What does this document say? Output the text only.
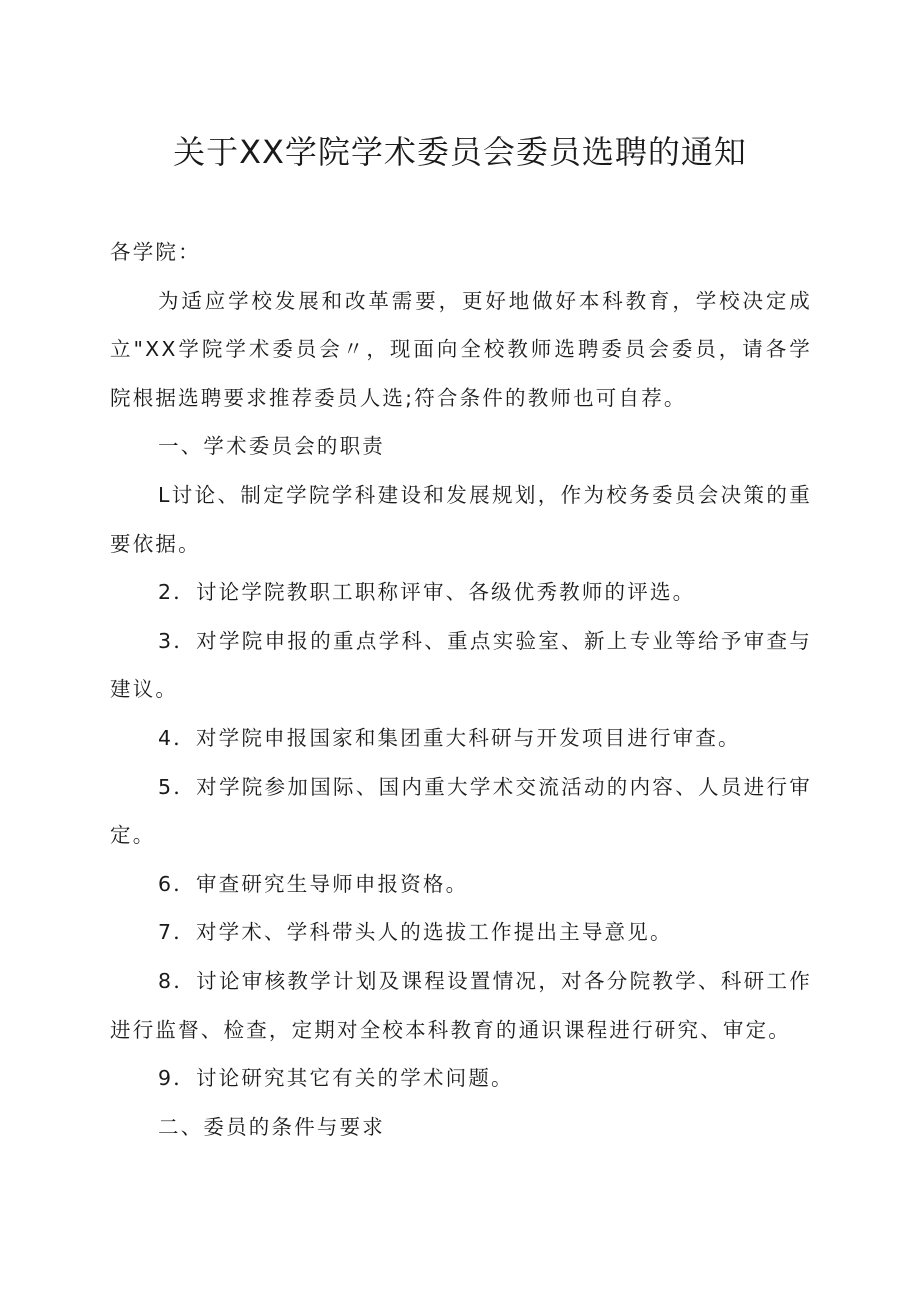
关于XX学院学术委员会委员选聘的通知

各学院：

为适应学校发展和改革需要，更好地做好本科教育，学校决定成立"XX学院学术委员会〃，现面向全校教师选聘委员会委员，请各学院根据选聘要求推荐委员人选;符合条件的教师也可自荐。

一、学术委员会的职责

L讨论、制定学院学科建设和发展规划，作为校务委员会决策的重要依据。

2．讨论学院教职工职称评审、各级优秀教师的评选。

3．对学院申报的重点学科、重点实验室、新上专业等给予审查与建议。

4．对学院申报国家和集团重大科研与开发项目进行审查。

5．对学院参加国际、国内重大学术交流活动的内容、人员进行审定。

6．审查研究生导师申报资格。

7．对学术、学科带头人的选拔工作提出主导意见。

8．讨论审核教学计划及课程设置情况，对各分院教学、科研工作进行监督、检查，定期对全校本科教育的通识课程进行研究、审定。

9．讨论研究其它有关的学术问题。

二、委员的条件与要求
